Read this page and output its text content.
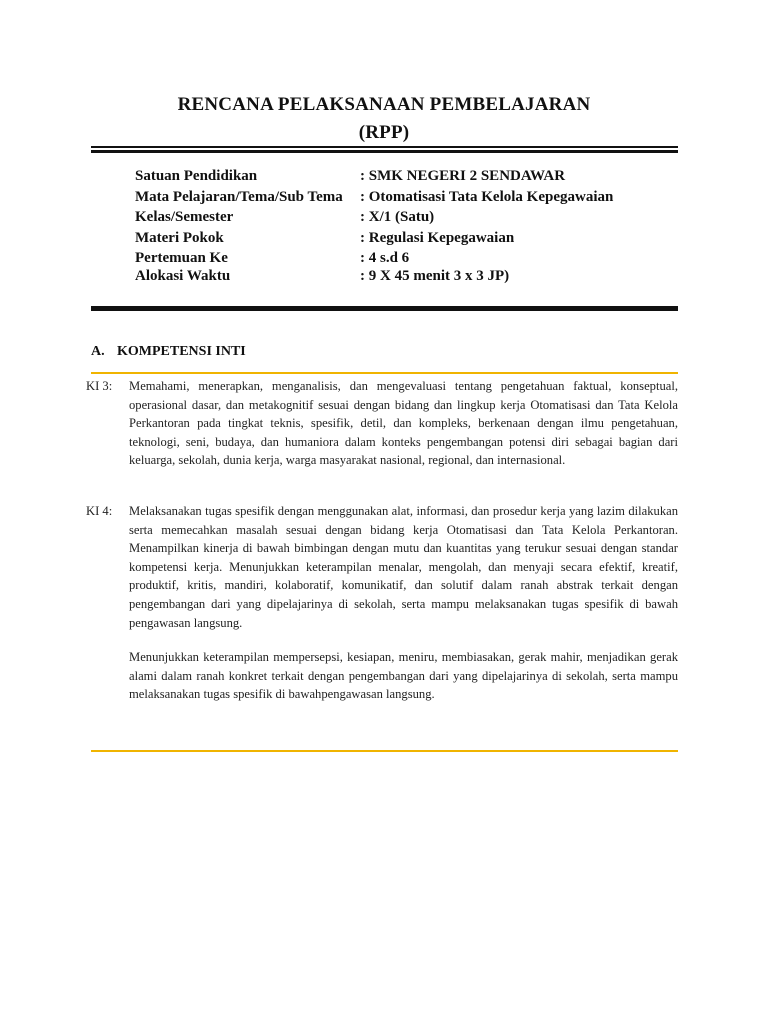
RENCANA PELAKSANAAN PEMBELAJARAN
(RPP)
Satuan Pendidikan	: SMK NEGERI 2 SENDAWAR
Mata Pelajaran/Tema/Sub Tema : Otomatisasi Tata Kelola Kepegawaian
Kelas/Semester	: X/1 (Satu)
Materi Pokok	: Regulasi Kepegawaian
Pertemuan Ke	: 4 s.d 6
Alokasi Waktu	: 9 X 45 menit 3 x 3 JP)
A. KOMPETENSI INTI
KI 3:	Memahami, menerapkan, menganalisis, dan mengevaluasi tentang pengetahuan faktual, konseptual, operasional dasar, dan metakognitif sesuai dengan bidang dan lingkup kerja Otomatisasi dan Tata Kelola Perkantoran pada tingkat teknis, spesifik, detil, dan kompleks, berkenaan dengan ilmu pengetahuan, teknologi, seni, budaya, dan humaniora dalam konteks pengembangan potensi diri sebagai bagian dari keluarga, sekolah, dunia kerja, warga masyarakat nasional, regional, dan internasional.
KI 4:	Melaksanakan tugas spesifik dengan menggunakan alat, informasi, dan prosedur kerja yang lazim dilakukan serta memecahkan masalah sesuai dengan bidang kerja Otomatisasi dan Tata Kelola Perkantoran. Menampilkan kinerja di bawah bimbingan dengan mutu dan kuantitas yang terukur sesuai dengan standar kompetensi kerja. Menunjukkan keterampilan menalar, mengolah, dan menyaji secara efektif, kreatif, produktif, kritis, mandiri, kolaboratif, komunikatif, dan solutif dalam ranah abstrak terkait dengan pengembangan dari yang dipelajarinya di sekolah, serta mampu melaksanakan tugas spesifik di bawah pengawasan langsung.
Menunjukkan keterampilan mempersepsi, kesiapan, meniru, membiasakan, gerak mahir, menjadikan gerak alami dalam ranah konkret terkait dengan pengembangan dari yang dipelajarinya di sekolah, serta mampu melaksanakan tugas spesifik di bawahpengawasan langsung.
